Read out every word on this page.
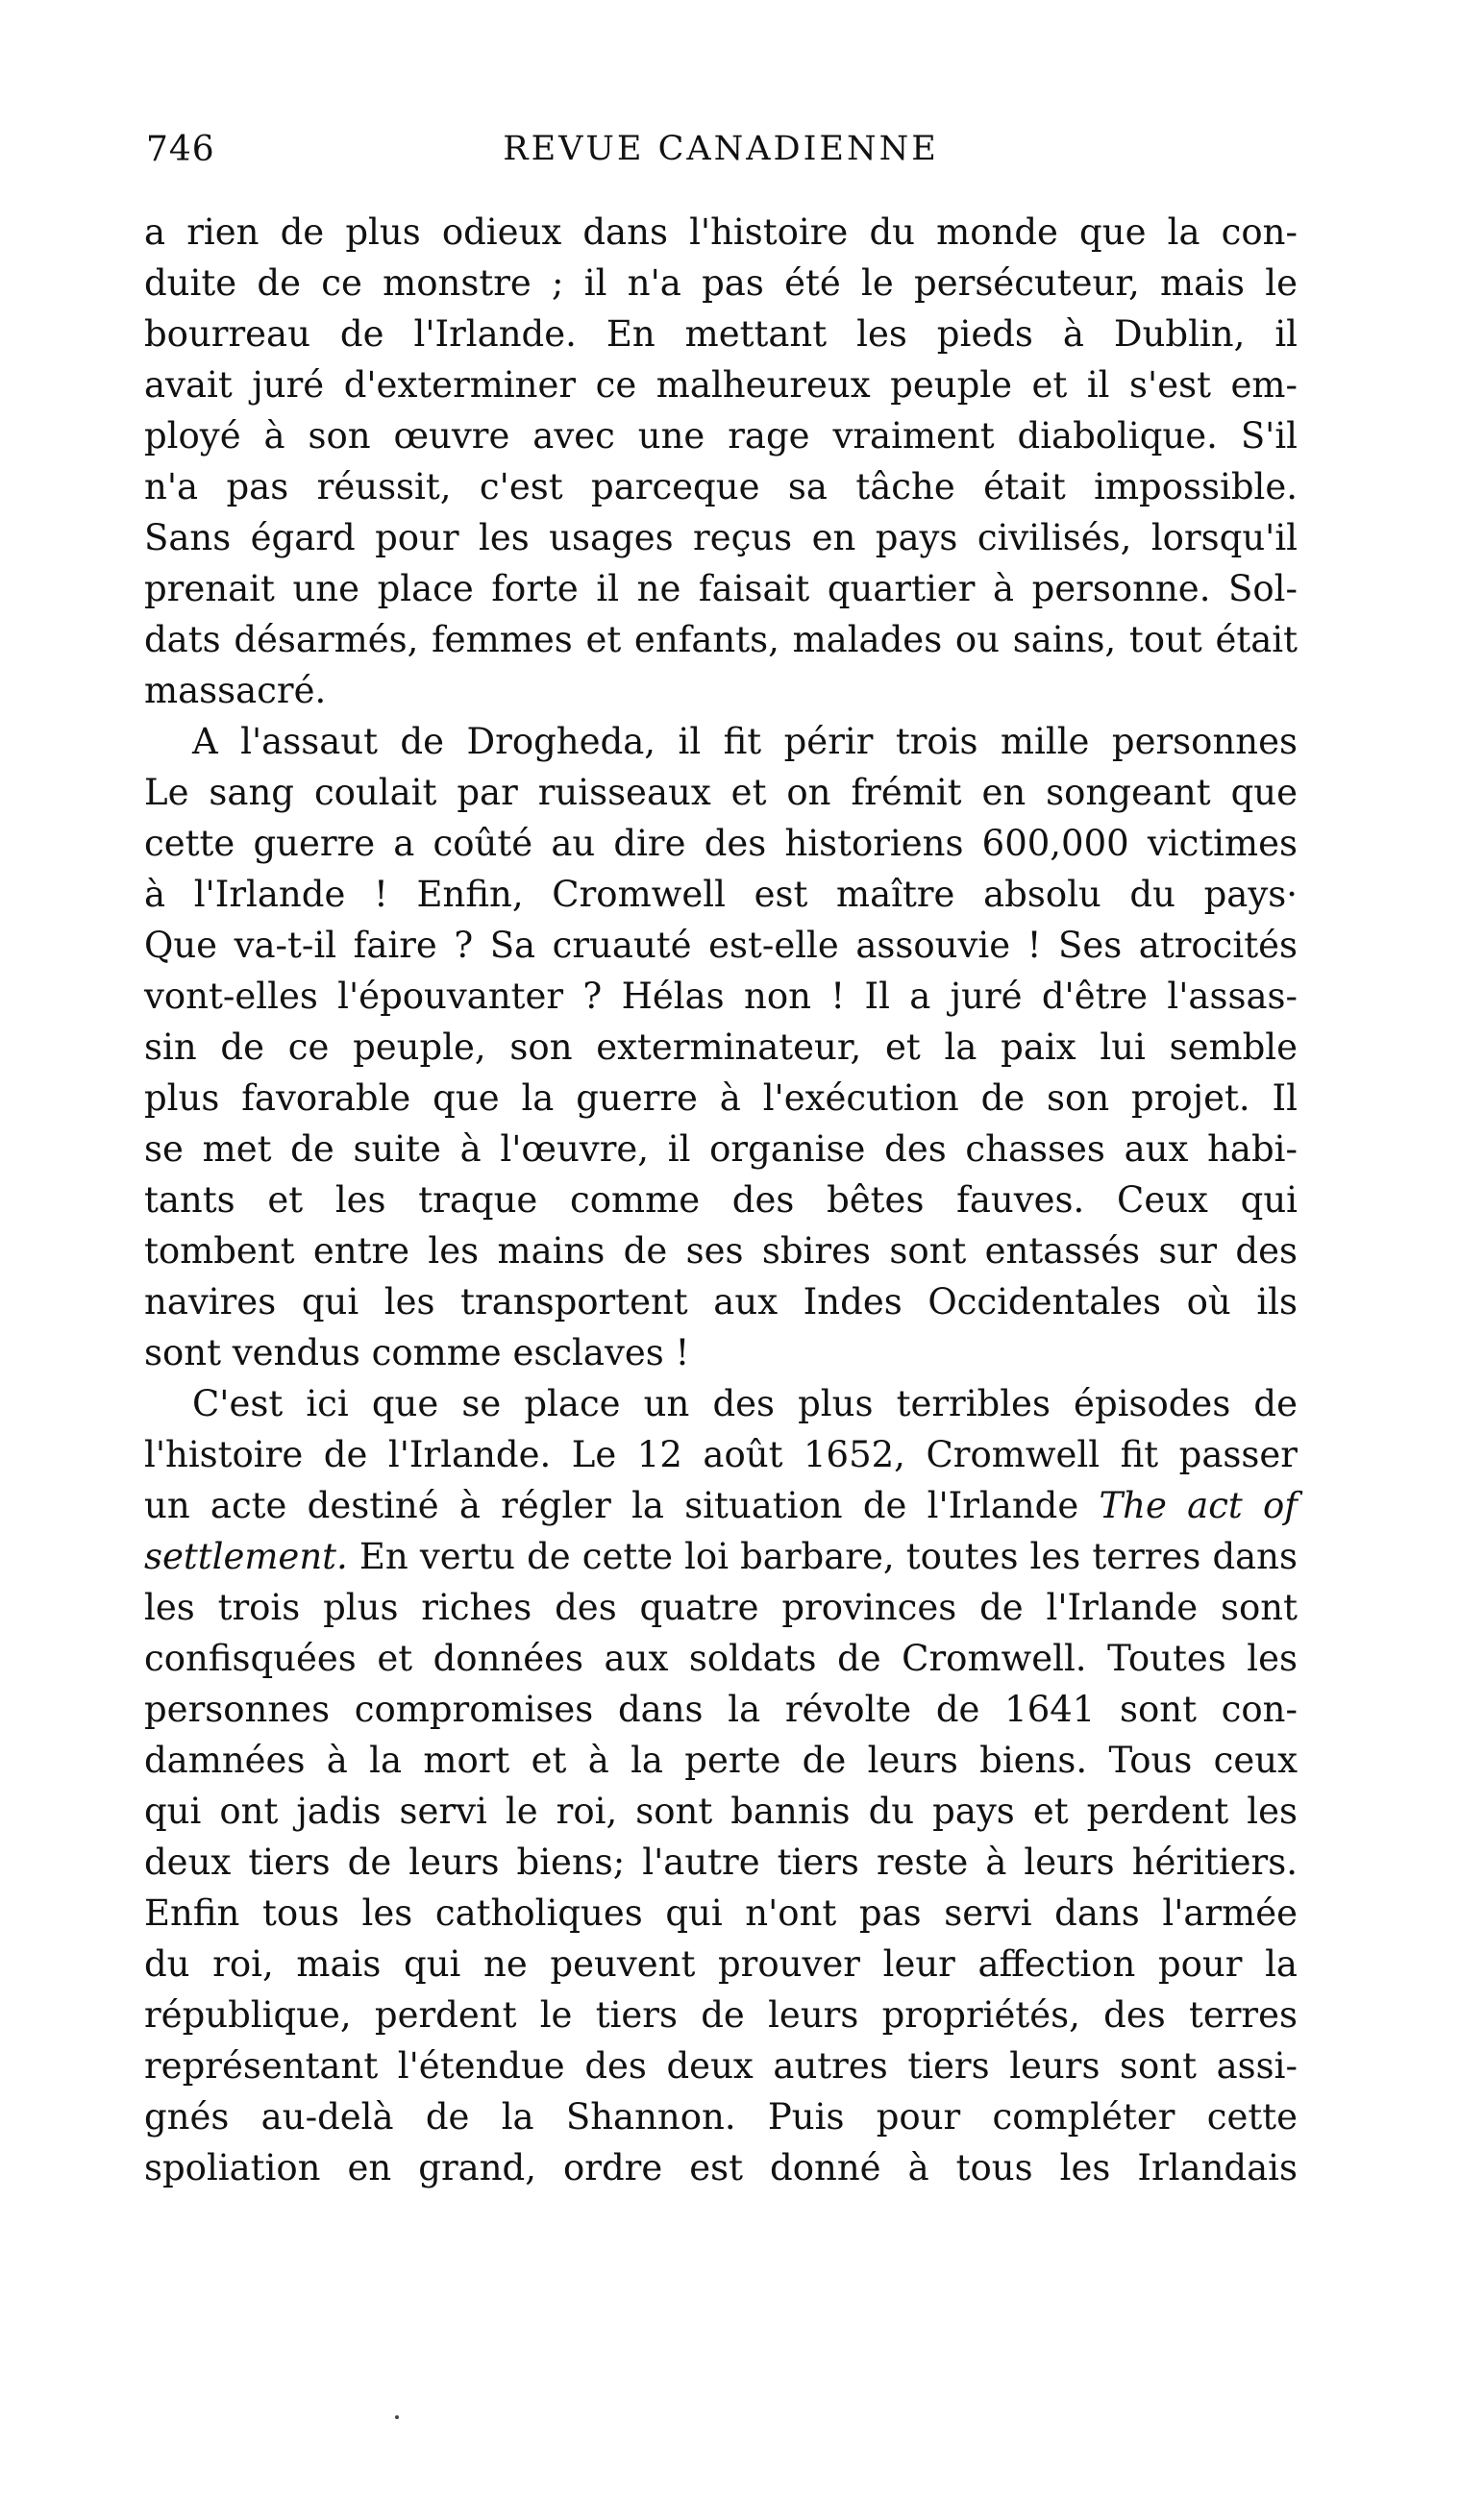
746	REVUE CANADIENNE
a rien de plus odieux dans l'histoire du monde que la con-
duite de ce monstre ; il n'a pas été le persécuteur, mais le
bourreau de l'Irlande. En mettant les pieds à Dublin, il
avait juré d'exterminer ce malheureux peuple et il s'est em-
ployé à son œuvre avec une rage vraiment diabolique. S'il
n'a pas réussit, c'est parceque sa tâche était impossible.
Sans égard pour les usages reçus en pays civilisés, lorsqu'il
prenait une place forte il ne faisait quartier à personne. Sol-
dats désarmés, femmes et enfants, malades ou sains, tout était
massacré.
A l'assaut de Drogheda, il fit périr trois mille personnes
Le sang coulait par ruisseaux et on frémit en songeant que
cette guerre a coûté au dire des historiens 600,000 victimes
à l'Irlande ! Enfin, Cromwell est maître absolu du pays·
Que va-t-il faire ? Sa cruauté est-elle assouvie ! Ses atrocités
vont-elles l'épouvanter ? Hélas non ! Il a juré d'être l'assas-
sin de ce peuple, son exterminateur, et la paix lui semble
plus favorable que la guerre à l'exécution de son projet. Il
se met de suite à l'œuvre, il organise des chasses aux habi-
tants et les traque comme des bêtes fauves. Ceux qui
tombent entre les mains de ses sbires sont entassés sur des
navires qui les transportent aux Indes Occidentales où ils
sont vendus comme esclaves !
C'est ici que se place un des plus terribles épisodes de
l'histoire de l'Irlande. Le 12 août 1652, Cromwell fit passer
un acte destiné à régler la situation de l'Irlande The act of
settlement. En vertu de cette loi barbare, toutes les terres dans
les trois plus riches des quatre provinces de l'Irlande sont
confisquées et données aux soldats de Cromwell. Toutes les
personnes compromises dans la révolte de 1641 sont con-
damnées à la mort et à la perte de leurs biens. Tous ceux
qui ont jadis servi le roi, sont bannis du pays et perdent les
deux tiers de leurs biens; l'autre tiers reste à leurs héritiers.
Enfin tous les catholiques qui n'ont pas servi dans l'armée
du roi, mais qui ne peuvent prouver leur affection pour la
république, perdent le tiers de leurs propriétés, des terres
représentant l'étendue des deux autres tiers leurs sont assi-
gnés au-delà de la Shannon. Puis pour compléter cette
spoliation en grand, ordre est donné à tous les Irlandais
